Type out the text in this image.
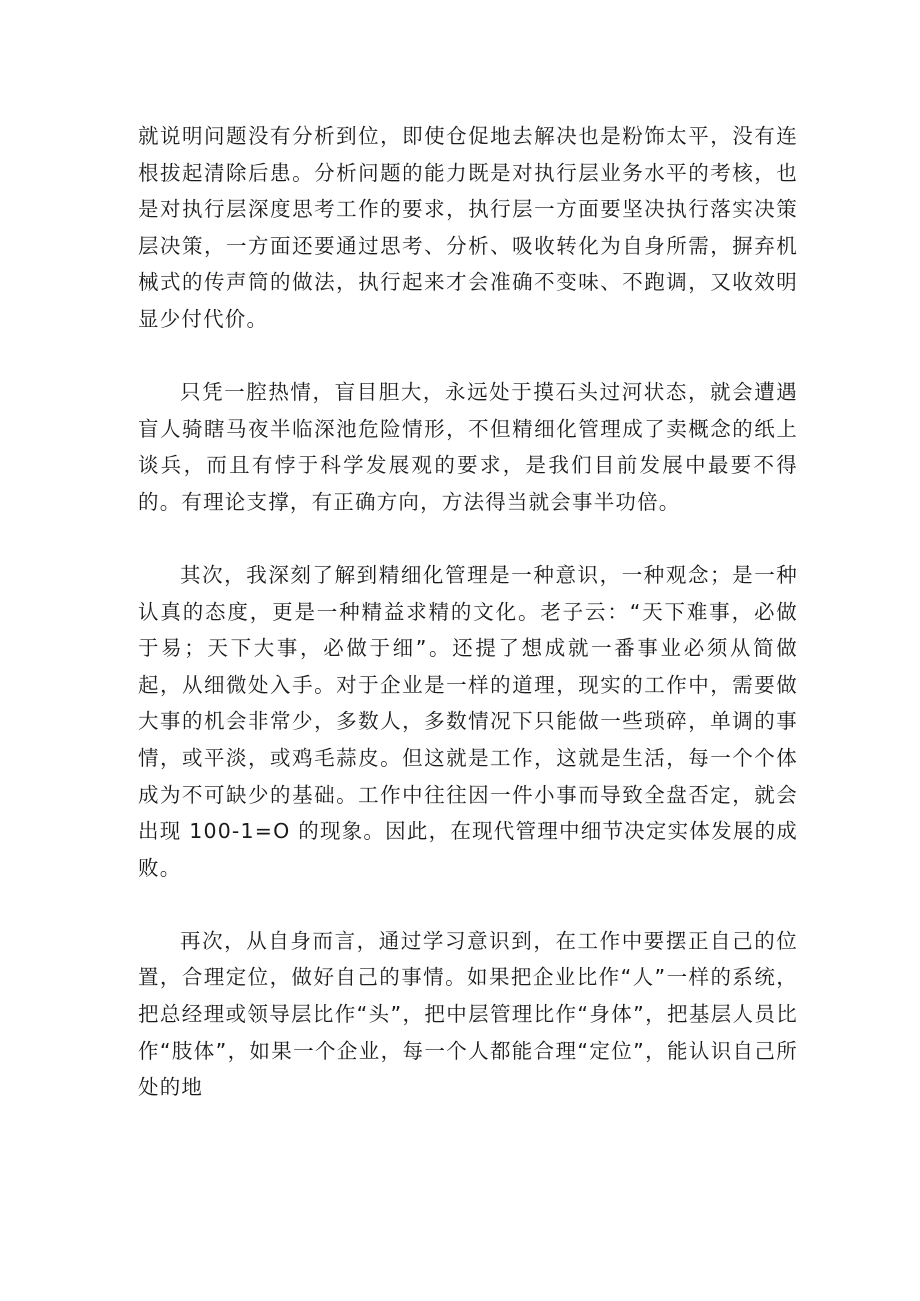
就说明问题没有分析到位，即使仓促地去解决也是粉饰太平，没有连根拔起清除后患。分析问题的能力既是对执行层业务水平的考核，也是对执行层深度思考工作的要求，执行层一方面要坚决执行落实决策层决策，一方面还要通过思考、分析、吸收转化为自身所需，摒弃机械式的传声筒的做法，执行起来才会准确不变味、不跑调，又收效明显少付代价。

只凭一腔热情，盲目胆大，永远处于摸石头过河状态，就会遭遇盲人骑瞎马夜半临深池危险情形，不但精细化管理成了卖概念的纸上谈兵，而且有悖于科学发展观的要求，是我们目前发展中最要不得的。有理论支撑，有正确方向，方法得当就会事半功倍。

其次，我深刻了解到精细化管理是一种意识，一种观念；是一种认真的态度，更是一种精益求精的文化。老子云：“天下难事，必做于易；天下大事，必做于细”。还提了想成就一番事业必须从简做起，从细微处入手。对于企业是一样的道理，现实的工作中，需要做大事的机会非常少，多数人，多数情况下只能做一些琐碎，单调的事情，或平淡，或鸡毛蒜皮。但这就是工作，这就是生活，每一个个体成为不可缺少的基础。工作中往往因一件小事而导致全盘否定，就会出现 100-1=O 的现象。因此，在现代管理中细节决定实体发展的成败。

再次，从自身而言，通过学习意识到，在工作中要摆正自己的位置，合理定位，做好自己的事情。如果把企业比作“人”一样的系统，把总经理或领导层比作“头”，把中层管理比作“身体”，把基层人员比作“肢体”，如果一个企业，每一个人都能合理“定位”，能认识自己所处的地
